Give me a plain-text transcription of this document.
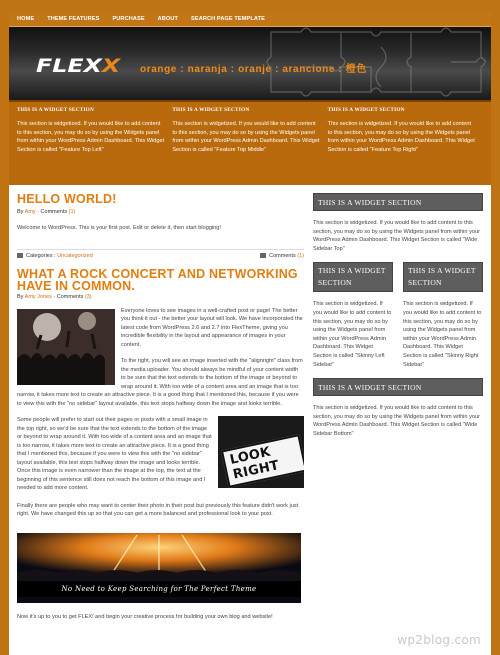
HOME THEME FEATURES PURCHASE ABOUT SEARCH PAGE TEMPLATE
FLEXX orange : naranja : oranje : arancione : 橙色
THIS IS A WIDGET SECTION

This section is widgetized. If you would like to add content to this section, you may do so by using the Widgets panel from within your WordPress Admin Dashboard. This Widget Section is called "Feature Top Left"

THIS IS A WIDGET SECTION

This section is widgetized. If you would like to add content to this section, you may do so by using the Widgets panel from within your WordPress Admin Dashboard. This Widget Section is called "Feature Top Middle"

THIS IS A WIDGET SECTION

This section is widgetized. If you would like to add content to this section, you may do so by using the Widgets panel from within your WordPress Admin Dashboard. This Widget Section is called "Feature Top Right"

HELLO WORLD!
By Amy · Comments (1)

Welcome to WordPress. This is your first post. Edit or delete it, then start blogging!

Categories : Uncategorized	Comments (1)
WHAT A ROCK CONCERT AND NETWORKING HAVE IN COMMON.
By Amy Jones · Comments (3)

Everyone loves to see images in a well-crafted post or page! The better you think it out - the better your layout will look. We have incorporated the latest code from WordPress 2.6 and 2.7 into FlexTheme, giving you incredible flexibility in the layout and appearance of images in your content.

To the right, you will see an image inserted with the "alignright" class from the media uploader. You should always be mindful of your content width to be sure that the text extends to the bottom of the image or beyond to wrap around it. With too wide of a content area and an image that is too narrow, it takes more text to create an attractive piece. It is a good thing that I mentioned this, because if you were to view this with the "no sidebar" layout available, this text stops halfway down the image and looks terrible.

LOOK RIGHT

Some people will prefer to start out their pages or posts with a small image in the top right, so we'd be sure that the text extends to the bottom of the image or beyond to wrap around it. With too wide of a content area and an image that is too narrow, it takes more text to create an attractive piece. It is a good thing that I mentioned this, because if you were to view this with the "no sidebar" layout available, this text stops halfway down the image and looks terrible. Once this image is even narrower than the image at the top, the text at the beginning of this sentence still does not reach the bottom of this image and I needed to add more content.

Finally there are people who may want to center their photo in their post but previously this feature didn't work just right. We have changed this up so that you can get a more balanced and professional look to your post.

No Need to Keep Searching for The Perfect Theme

Now it's up to you to get FLEX! and begin your creative process for building your own blog and website!

THIS IS A WIDGET SECTION

This section is widgetized. If you would like to add content to this section, you may do so by using the Widgets panel from within your WordPress Admin Dashboard. This Widget Section is called "Wide Sidebar Top"

THIS IS A WIDGET SECTION

This section is widgetized. If you would like to add content to this section, you may do so by using the Widgets panel from within your WordPress Admin Dashboard. This Widget Section is called "Skinny Left Sidebar"

THIS IS A WIDGET SECTION

This section is widgetized. If you would like to add content to this section, you may do so by using the Widgets panel from within your WordPress Admin Dashboard. This Widget Section is called "Skinny Right Sidebar"

THIS IS A WIDGET SECTION

This section is widgetized. If you would like to add content to this section, you may do so by using the Widgets panel from within your WordPress Admin Dashboard. This Widget Section is called "Wide Sidebar Bottom"

wp2blog.com
